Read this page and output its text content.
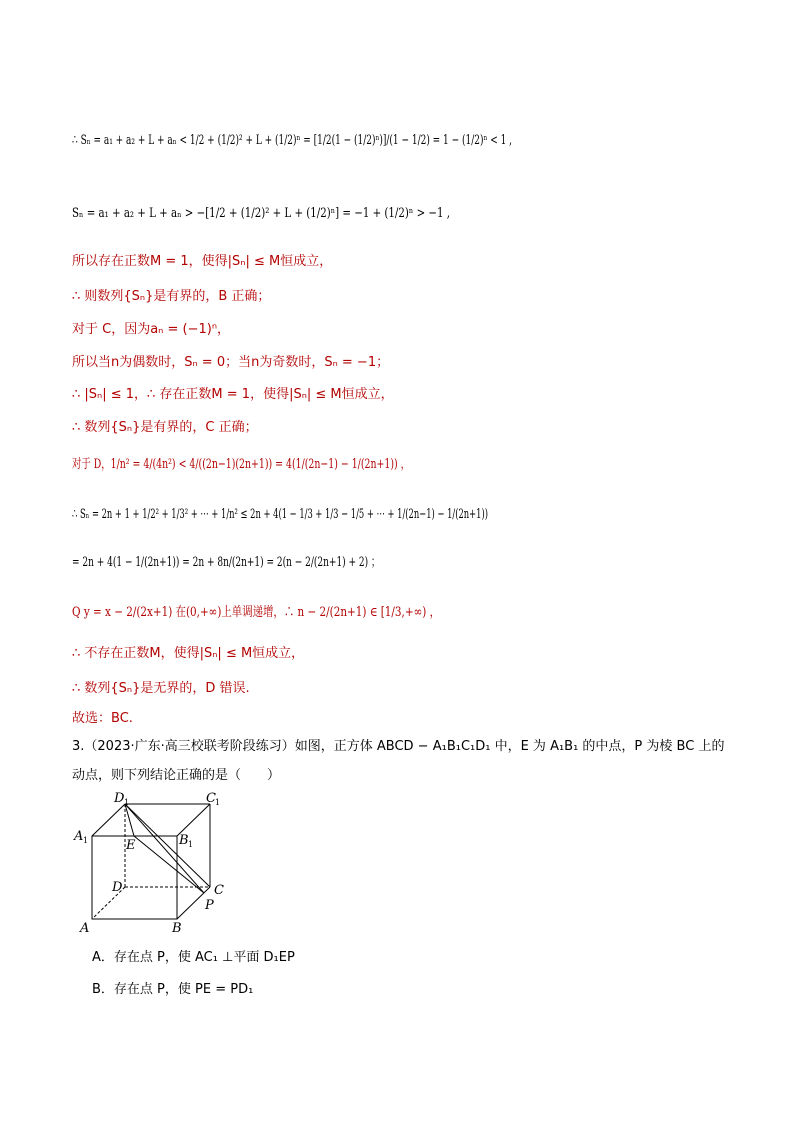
∴ Sₙ = a₁ + a₂ + L + aₙ < 1/2 + (1/2)² + L + (1/2)ⁿ = [1/2(1 − (1/2)ⁿ)]/(1 − 1/2) = 1 − (1/2)ⁿ < 1 ,
Sₙ = a₁ + a₂ + L + aₙ > −[1/2 + (1/2)² + L + (1/2)ⁿ] = −1 + (1/2)ⁿ > −1 ,
所以存在正数M = 1，使得|Sₙ| ≤ M恒成立，
∴ 则数列{Sₙ}是有界的，B 正确；
对于 C，因为aₙ = (−1)ⁿ，
所以当n为偶数时，Sₙ = 0；当n为奇数时，Sₙ = −1；
∴ |Sₙ| ≤ 1，∴ 存在正数M = 1，使得|Sₙ| ≤ M恒成立，
∴ 数列{Sₙ}是有界的，C 正确；
对于 D，1/n² = 4/(4n²) < 4/((2n−1)(2n+1)) = 4(1/(2n−1) − 1/(2n+1)) ，
∴ Sₙ = 2n + 1 + 1/2² + 1/3² + ⋯ + 1/n² ≤ 2n + 4(1 − 1/3 + 1/3 − 1/5 + ⋯ + 1/(2n−1) − 1/(2n+1))
= 2n + 4(1 − 1/(2n+1)) = 2n + 8n/(2n+1) = 2(n − 2/(2n+1) + 2) ；
Q y = x − 2/(2x+1) 在(0,+∞)上单调递增，∴ n − 2/(2n+1) ∈ [1/3,+∞) ，
∴ 不存在正数M，使得|Sₙ| ≤ M恒成立，
∴ 数列{Sₙ}是无界的，D 错误.
故选：BC.
3.（2023·广东·高三校联考阶段练习）如图，正方体 ABCD − A₁B₁C₁D₁ 中，E 为 A₁B₁ 的中点，P 为棱 BC 上的
动点，则下列结论正确的是（　　）
D 1	C 1
A 1	B 1
E
D	C
P
A	B
A．存在点 P，使 AC₁ ⊥平面 D₁EP
B．存在点 P，使 PE = PD₁
